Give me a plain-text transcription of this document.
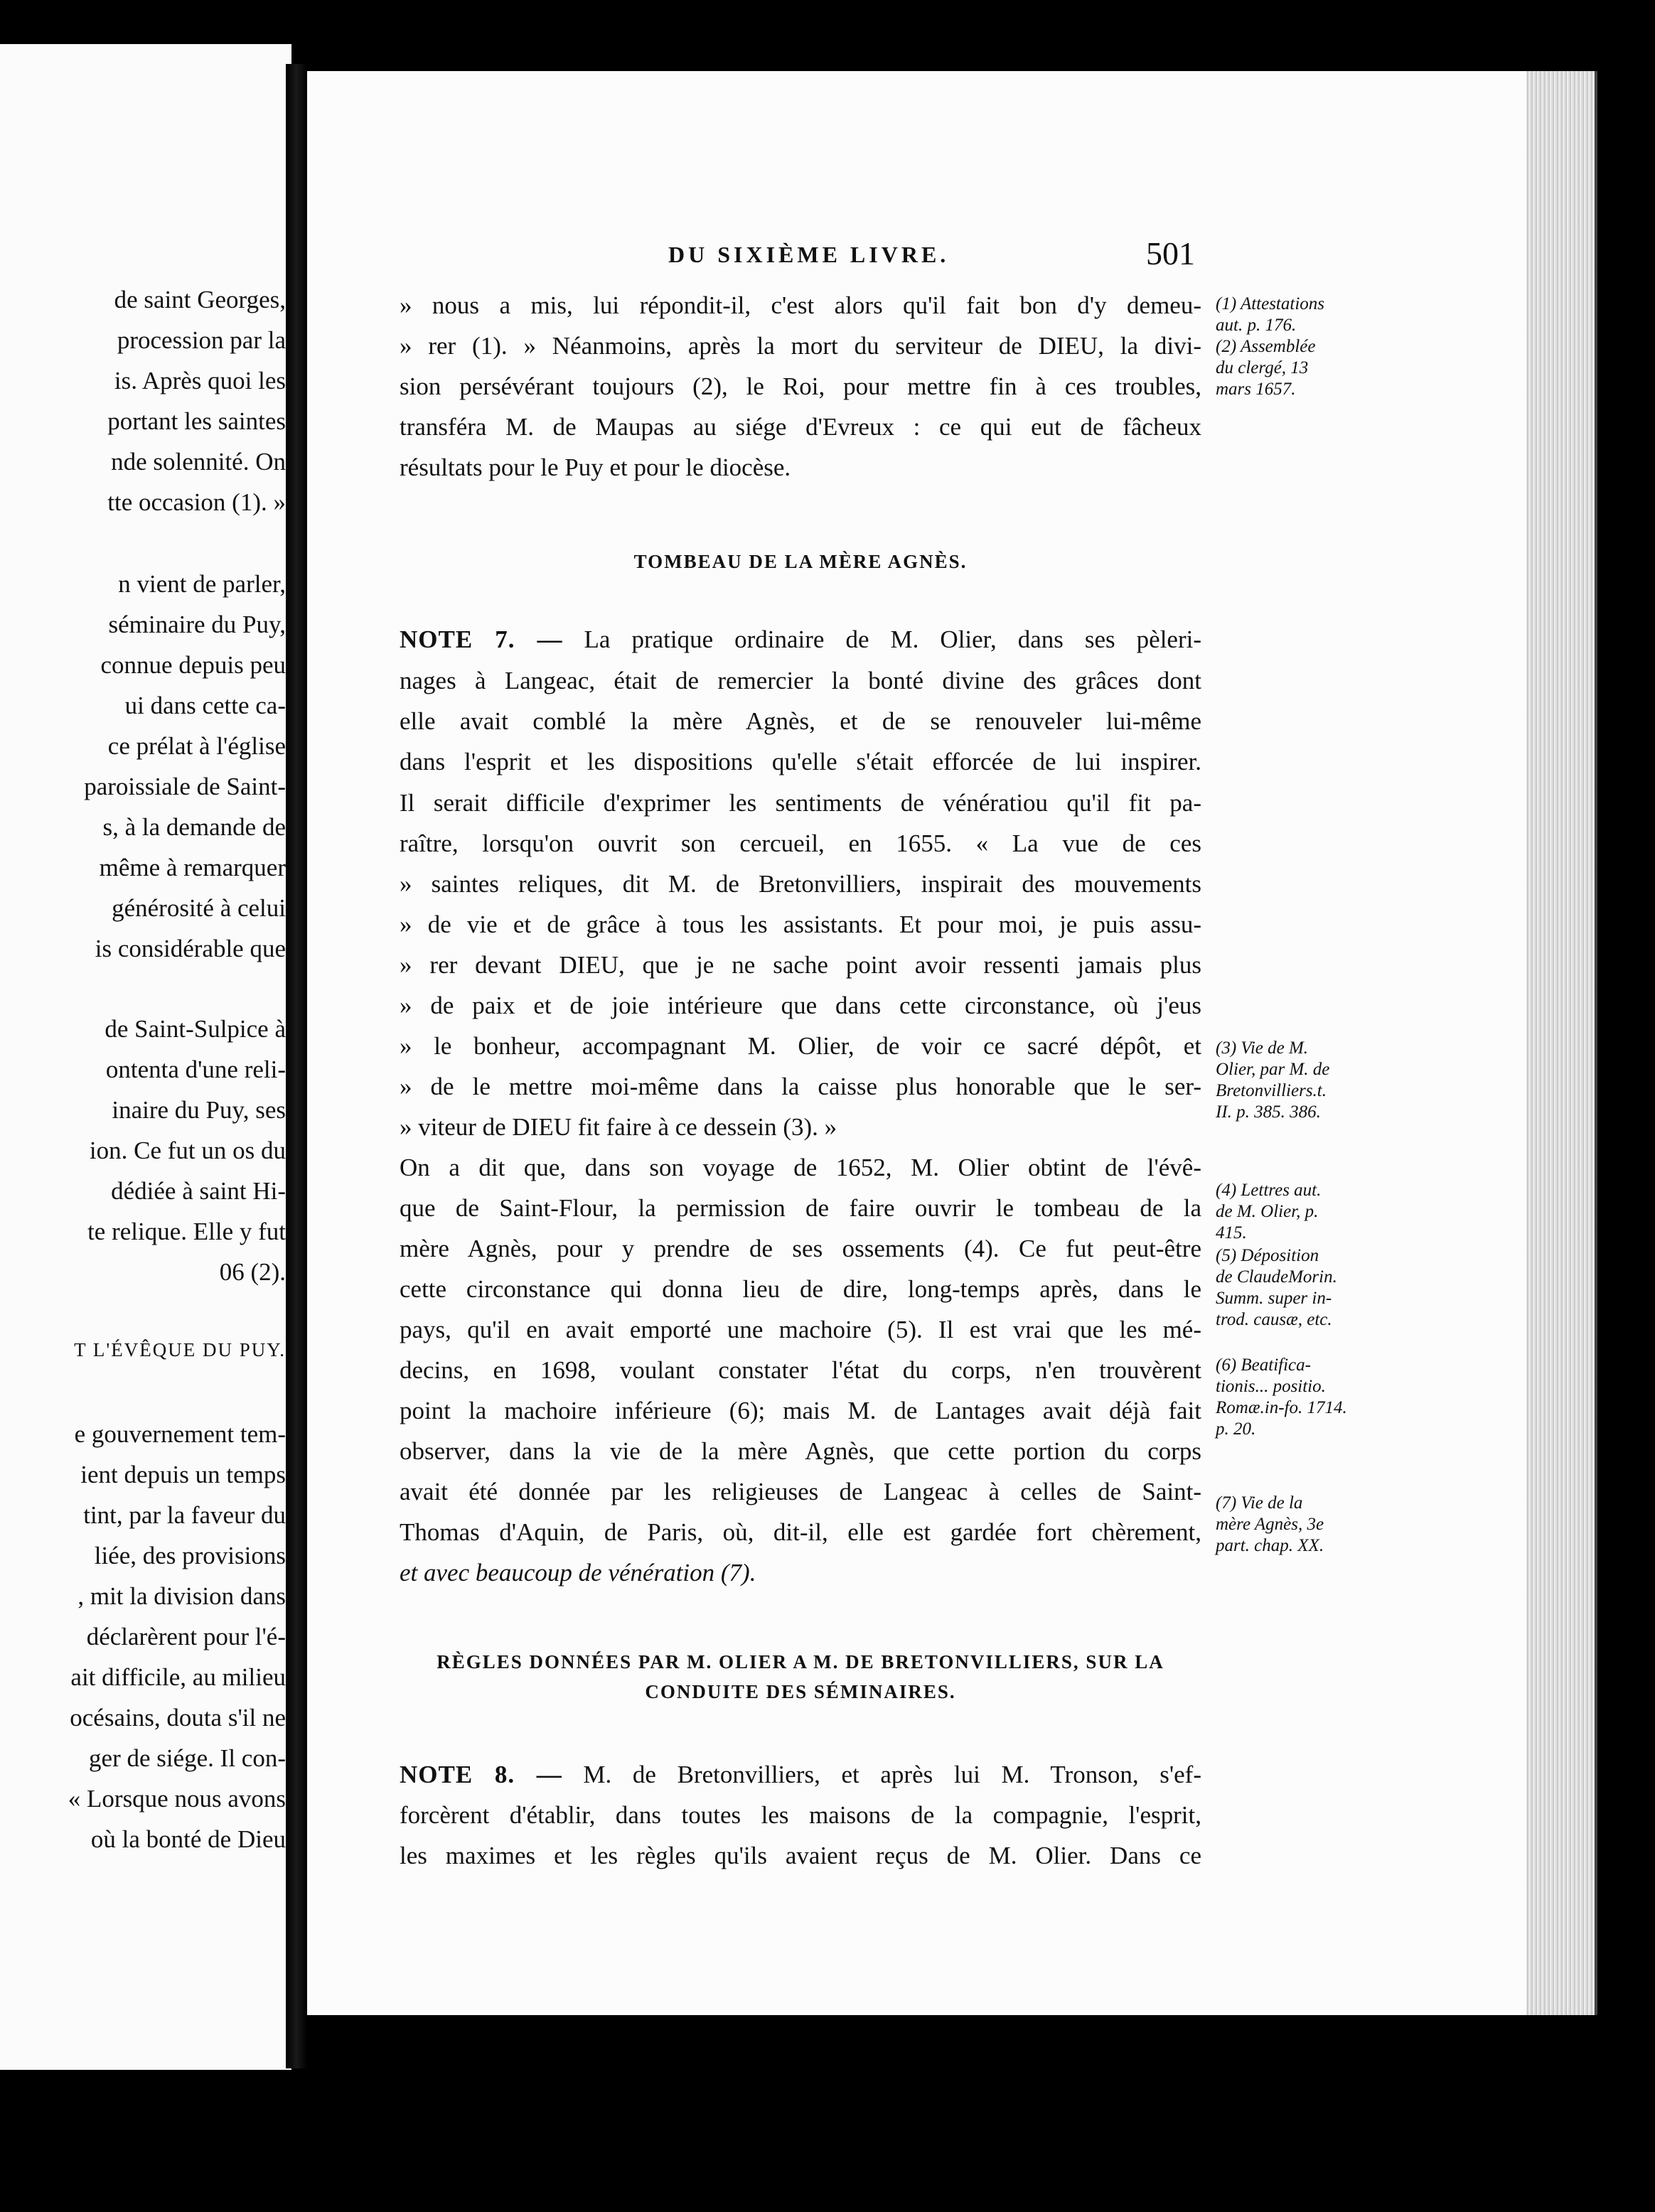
de saint Georges,
procession par la
is. Après quoi les
portant les saintes
nde solennité. On
tte occasion (1). »
n vient de parler,
séminaire du Puy,
connue depuis peu
ui dans cette ca-
ce prélat à l'église
paroissiale de Saint-
s, à la demande de
même à remarquer
générosité à celui
is considérable que
de Saint-Sulpice à
ontenta d'une reli-
inaire du Puy, ses
ion. Ce fut un os du
dédiée à saint Hi-
te relique. Elle y fut
06 (2).
T L'ÉVÊQUE DU PUY.
e gouvernement tem-
ient depuis un temps
tint, par la faveur du
liée, des provisions
, mit la division dans
déclarèrent pour l'é-
ait difficile, au milieu
océsains, douta s'il ne
ger de siége. Il con-
« Lorsque nous avons
où la bonté de Dieu
DU SIXIÈME LIVRE.	501
» nous a mis, lui répondit-il, c'est alors qu'il fait bon d'y demeu-
» rer (1). » Néanmoins, après la mort du serviteur de DIEU, la divi-
sion persévérant toujours (2), le Roi, pour mettre fin à ces troubles,
transféra M. de Maupas au siége d'Evreux : ce qui eut de fâcheux
résultats pour le Puy et pour le diocèse.
TOMBEAU DE LA MÈRE AGNÈS.
NOTE 7. — La pratique ordinaire de M. Olier, dans ses pèleri-
nages à Langeac, était de remercier la bonté divine des grâces dont
elle avait comblé la mère Agnès, et de se renouveler lui-même
dans l'esprit et les dispositions qu'elle s'était efforcée de lui inspirer.
Il serait difficile d'exprimer les sentiments de vénératiou qu'il fit pa-
raître, lorsqu'on ouvrit son cercueil, en 1655. « La vue de ces
» saintes reliques, dit M. de Bretonvilliers, inspirait des mouvements
» de vie et de grâce à tous les assistants. Et pour moi, je puis assu-
» rer devant DIEU, que je ne sache point avoir ressenti jamais plus
» de paix et de joie intérieure que dans cette circonstance, où j'eus
» le bonheur, accompagnant M. Olier, de voir ce sacré dépôt, et
» de le mettre moi-même dans la caisse plus honorable que le ser-
» viteur de DIEU fit faire à ce dessein (3). »
On a dit que, dans son voyage de 1652, M. Olier obtint de l'évê-
que de Saint-Flour, la permission de faire ouvrir le tombeau de la
mère Agnès, pour y prendre de ses ossements (4). Ce fut peut-être
cette circonstance qui donna lieu de dire, long-temps après, dans le
pays, qu'il en avait emporté une machoire (5). Il est vrai que les mé-
decins, en 1698, voulant constater l'état du corps, n'en trouvèrent
point la machoire inférieure (6); mais M. de Lantages avait déjà fait
observer, dans la vie de la mère Agnès, que cette portion du corps
avait été donnée par les religieuses de Langeac à celles de Saint-
Thomas d'Aquin, de Paris, où, dit-il, elle est gardée fort chèrement,
et avec beaucoup de vénération (7).
RÈGLES DONNÉES PAR M. OLIER A M. DE BRETONVILLIERS, SUR LA
CONDUITE DES SÉMINAIRES.
NOTE 8. — M. de Bretonvilliers, et après lui M. Tronson, s'ef-
forcèrent d'établir, dans toutes les maisons de la compagnie, l'esprit,
les maximes et les règles qu'ils avaient reçus de M. Olier. Dans ce
(1) Attestations
aut. p. 176.
(2) Assemblée
du clergé, 13
mars 1657.
(3) Vie de M.
Olier, par M. de
Bretonvilliers.t.
II. p. 385. 386.
(4) Lettres aut.
de M. Olier, p.
415.
(5) Déposition
de ClaudeMorin.
Summ. super in-
trod. causæ, etc.
(6) Beatifica-
tionis... positio.
Romæ.in-fo. 1714.
p. 20.
(7) Vie de la
mère Agnès, 3e
part. chap. XX.
